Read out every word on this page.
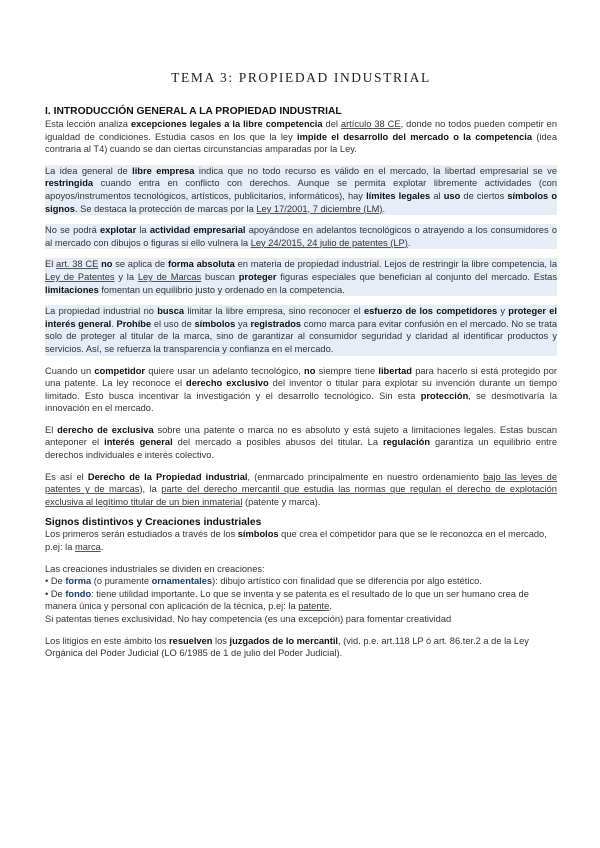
TEMA 3: PROPIEDAD INDUSTRIAL
I. INTRODUCCIÓN GENERAL A LA PROPIEDAD INDUSTRIAL

Esta lección analiza excepciones legales a la libre competencia del artículo 38 CE, donde no todos pueden competir en igualdad de condiciones. Estudia casos en los que la ley impide el desarrollo del mercado o la competencia (idea contraria al T4) cuando se dan ciertas circunstancias amparadas por la Ley.

La idea general de libre empresa indica que no todo recurso es válido en el mercado, la libertad empresarial se ve restringida cuando entra en conflicto con derechos. Aunque se permita explotar libremente actividades (con apoyos/instrumentos tecnológicos, artísticos, publicitarios, informáticos), hay límites legales al uso de ciertos símbolos o signos. Se destaca la protección de marcas por la Ley 17/2001, 7 diciembre (LM).

No se podrá explotar la actividad empresarial apoyándose en adelantos tecnológicos o atrayendo a los consumidores o al mercado con dibujos o figuras si ello vulnera la Ley 24/2015, 24 julio de patentes (LP).

El art. 38 CE no se aplica de forma absoluta en materia de propiedad industrial. Lejos de restringir la libre competencia, la Ley de Patentes y la Ley de Marcas buscan proteger figuras especiales que benefician al conjunto del mercado. Estas limitaciones fomentan un equilibrio justo y ordenado en la competencia.

La propiedad industrial no busca limitar la libre empresa, sino reconocer el esfuerzo de los competidores y proteger el interés general. Prohíbe el uso de símbolos ya registrados como marca para evitar confusión en el mercado. No se trata solo de proteger al titular de la marca, sino de garantizar al consumidor seguridad y claridad al identificar productos y servicios. Así, se refuerza la transparencia y confianza en el mercado.

Cuando un competidor quiere usar un adelanto tecnológico, no siempre tiene libertad para hacerlo si está protegido por una patente. La ley reconoce el derecho exclusivo del inventor o titular para explotar su invención durante un tiempo limitado. Esto busca incentivar la investigación y el desarrollo tecnológico. Sin esta protección, se desmotivaría la innovación en el mercado.

El derecho de exclusiva sobre una patente o marca no es absoluto y está sujeto a limitaciones legales. Estas buscan anteponer el interés general del mercado a posibles abusos del titular. La regulación garantiza un equilibrio entre derechos individuales e interés colectivo.

Es así el Derecho de la Propiedad industrial, (enmarcado principalmente en nuestro ordenamiento bajo las leyes de patentes y de marcas), la parte del derecho mercantil que estudia las normas que regulan el derecho de explotación exclusiva al legítimo titular de un bien inmaterial (patente y marca).

Signos distintivos y Creaciones industriales

Los primeros serán estudiados a través de los símbolos que crea el competidor para que se le reconozca en el mercado, p.ej: la marca.

Las creaciones industriales se dividen en creaciones:

• De forma (o puramente ornamentales): dibujo artístico con finalidad que se diferencia por algo estético.

• De fondo: tiene utilidad importante. Lo que se inventa y se patenta es el resultado de lo que un ser humano crea de manera única y personal con aplicación de la técnica, p.ej: la patente.

Si patentas tienes exclusividad. No hay competencia (es una excepción) para fomentar creatividad

Los litigios en este ámbito los resuelven los juzgados de lo mercantil, (vid. p.e. art.118 LP ó art. 86.ter.2 a de la Ley Orgánica del Poder Judicial (LO 6/1985 de 1 de julio del Poder Judicial).
